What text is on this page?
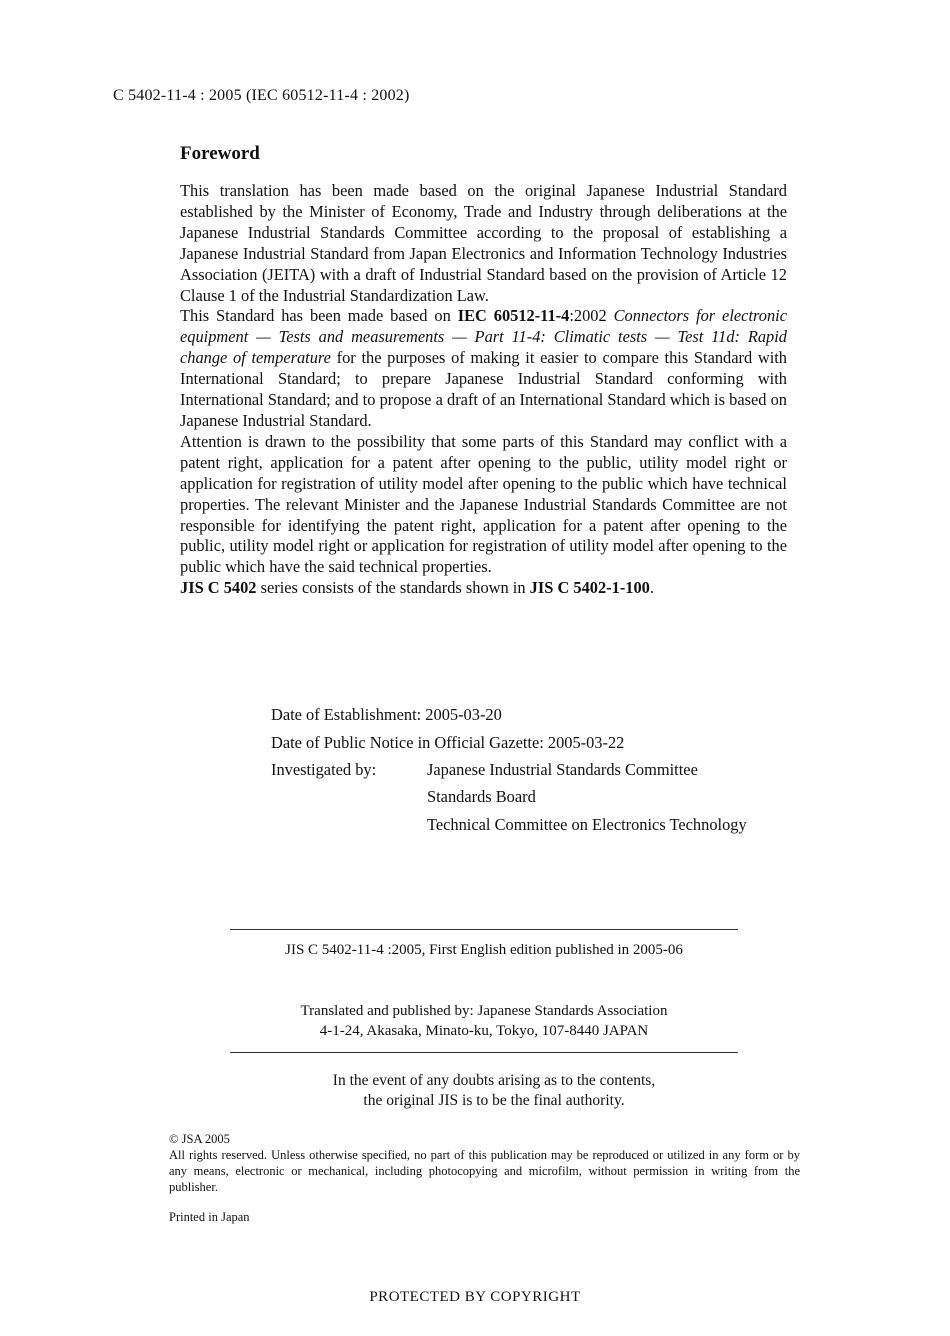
C 5402-11-4 : 2005 (IEC 60512-11-4 : 2002)
Foreword

This translation has been made based on the original Japanese Industrial Standard established by the Minister of Economy, Trade and Industry through deliberations at the Japanese Industrial Standards Committee according to the proposal of establishing a Japanese Industrial Standard from Japan Electronics and Information Technology Industries Association (JEITA) with a draft of Industrial Standard based on the provision of Article 12 Clause 1 of the Industrial Standardization Law.

This Standard has been made based on IEC 60512-11-4:2002 Connectors for electronic equipment — Tests and measurements — Part 11-4: Climatic tests — Test 11d: Rapid change of temperature for the purposes of making it easier to compare this Standard with International Standard; to prepare Japanese Industrial Standard conforming with International Standard; and to propose a draft of an International Standard which is based on Japanese Industrial Standard.

Attention is drawn to the possibility that some parts of this Standard may conflict with a patent right, application for a patent after opening to the public, utility model right or application for registration of utility model after opening to the public which have technical properties. The relevant Minister and the Japanese Industrial Standards Committee are not responsible for identifying the patent right, application for a patent after opening to the public, utility model right or application for registration of utility model after opening to the public which have the said technical properties.

JIS C 5402 series consists of the standards shown in JIS C 5402-1-100.

Date of Establishment: 2005-03-20
Date of Public Notice in Official Gazette: 2005-03-22
Investigated by:	Japanese Industrial Standards Committee
Standards Board
Technical Committee on Electronics Technology
JIS C 5402-11-4 :2005, First English edition published in 2005-06
Translated and published by: Japanese Standards Association
4-1-24, Akasaka, Minato-ku, Tokyo, 107-8440 JAPAN
In the event of any doubts arising as to the contents,
the original JIS is to be the final authority.
© JSA 2005
All rights reserved. Unless otherwise specified, no part of this publication may be reproduced or utilized in any form or by any means, electronic or mechanical, including photocopying and microfilm, without permission in writing from the publisher.
Printed in Japan
PROTECTED BY COPYRIGHT
